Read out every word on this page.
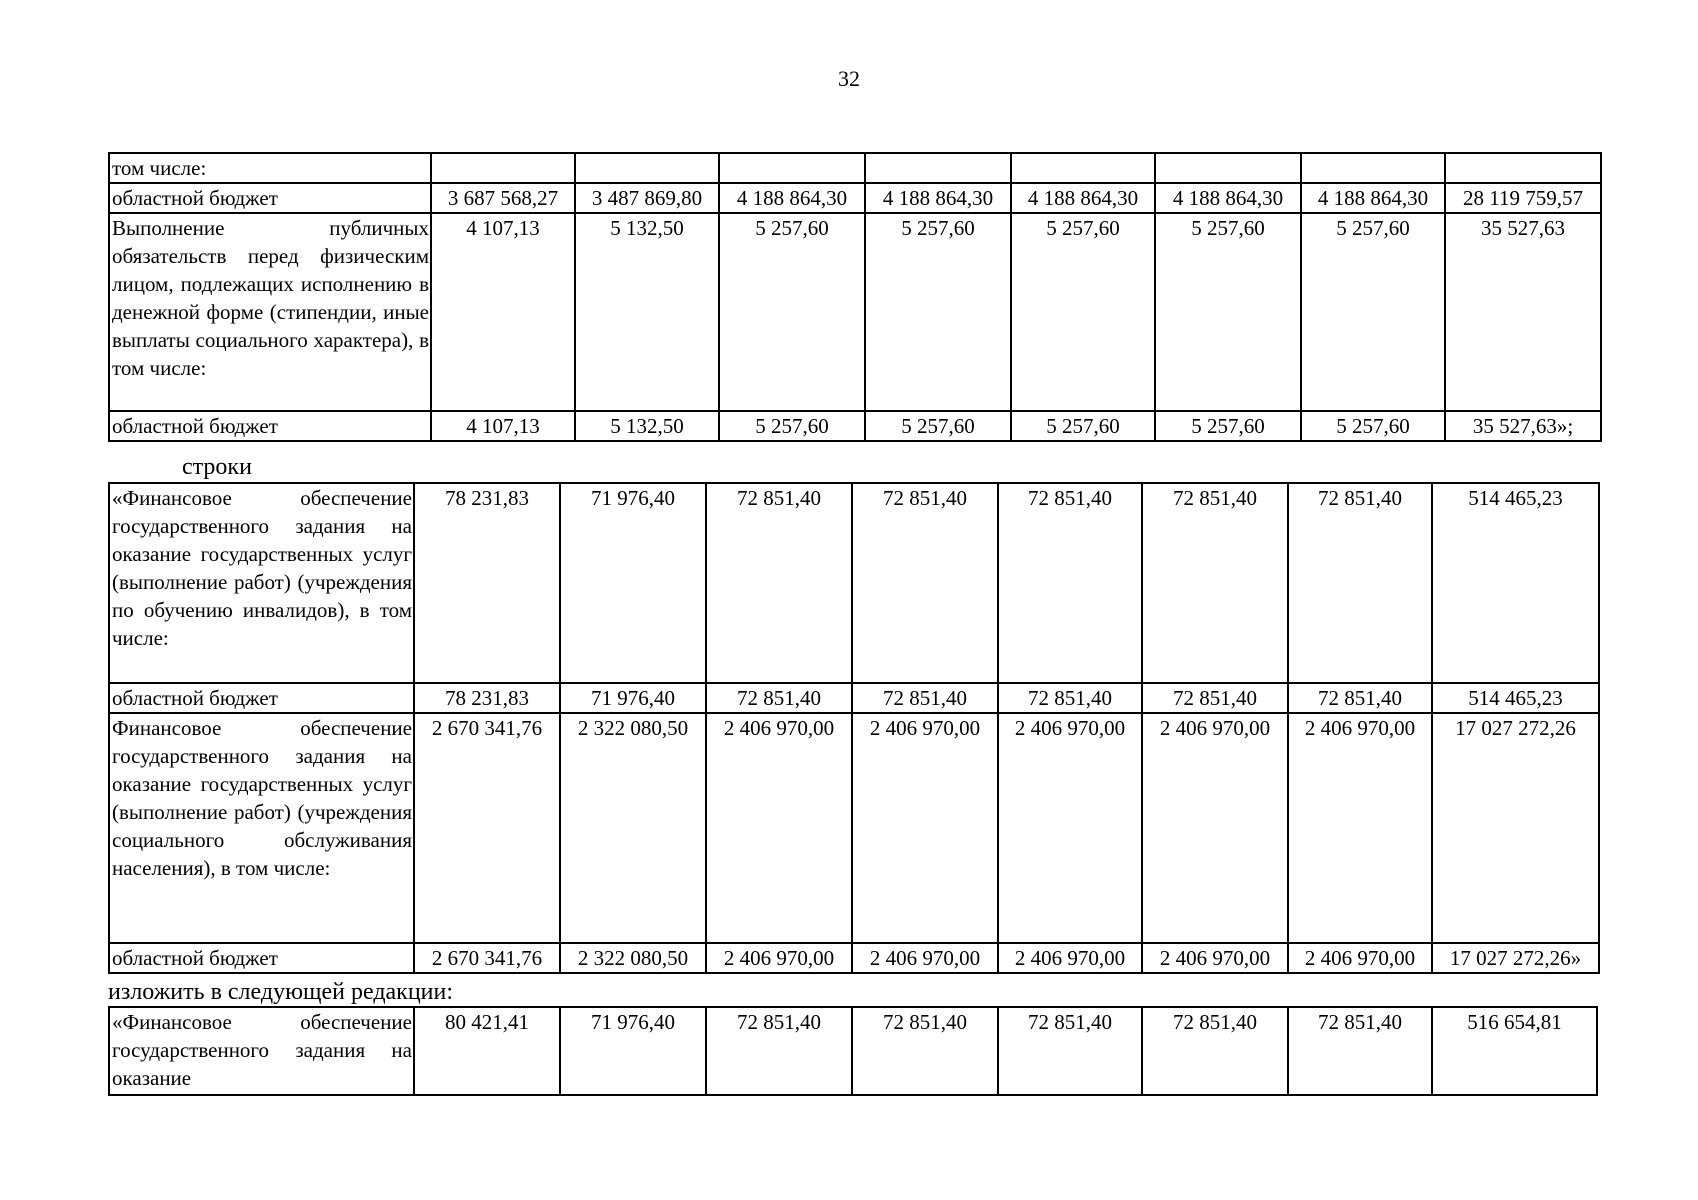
32
том числе:								
областной бюджет	3 687 568,27	3 487 869,80	4 188 864,30	4 188 864,30	4 188 864,30	4 188 864,30	4 188 864,30	28 119 759,57
Выполнение публичных обязательств перед физическим лицом, подлежащих исполнению в денежной форме (стипендии, иные выплаты социального характера), в том числе:	4 107,13	5 132,50	5 257,60	5 257,60	5 257,60	5 257,60	5 257,60	35 527,63
областной бюджет	4 107,13	5 132,50	5 257,60	5 257,60	5 257,60	5 257,60	5 257,60	35 527,63»;
строки
«Финансовое обеспечение государственного задания на оказание государственных услуг (выполнение работ) (учреждения по обучению инвалидов), в том числе:	78 231,83	71 976,40	72 851,40	72 851,40	72 851,40	72 851,40	72 851,40	514 465,23
областной бюджет	78 231,83	71 976,40	72 851,40	72 851,40	72 851,40	72 851,40	72 851,40	514 465,23
Финансовое обеспечение государственного задания на оказание государственных услуг (выполнение работ) (учреждения социального обслуживания населения), в том числе:	2 670 341,76	2 322 080,50	2 406 970,00	2 406 970,00	2 406 970,00	2 406 970,00	2 406 970,00	17 027 272,26
областной бюджет	2 670 341,76	2 322 080,50	2 406 970,00	2 406 970,00	2 406 970,00	2 406 970,00	2 406 970,00	17 027 272,26»
изложить в следующей редакции:
«Финансовое обеспечение государственного задания на оказание	80 421,41	71 976,40	72 851,40	72 851,40	72 851,40	72 851,40	72 851,40	516 654,81
